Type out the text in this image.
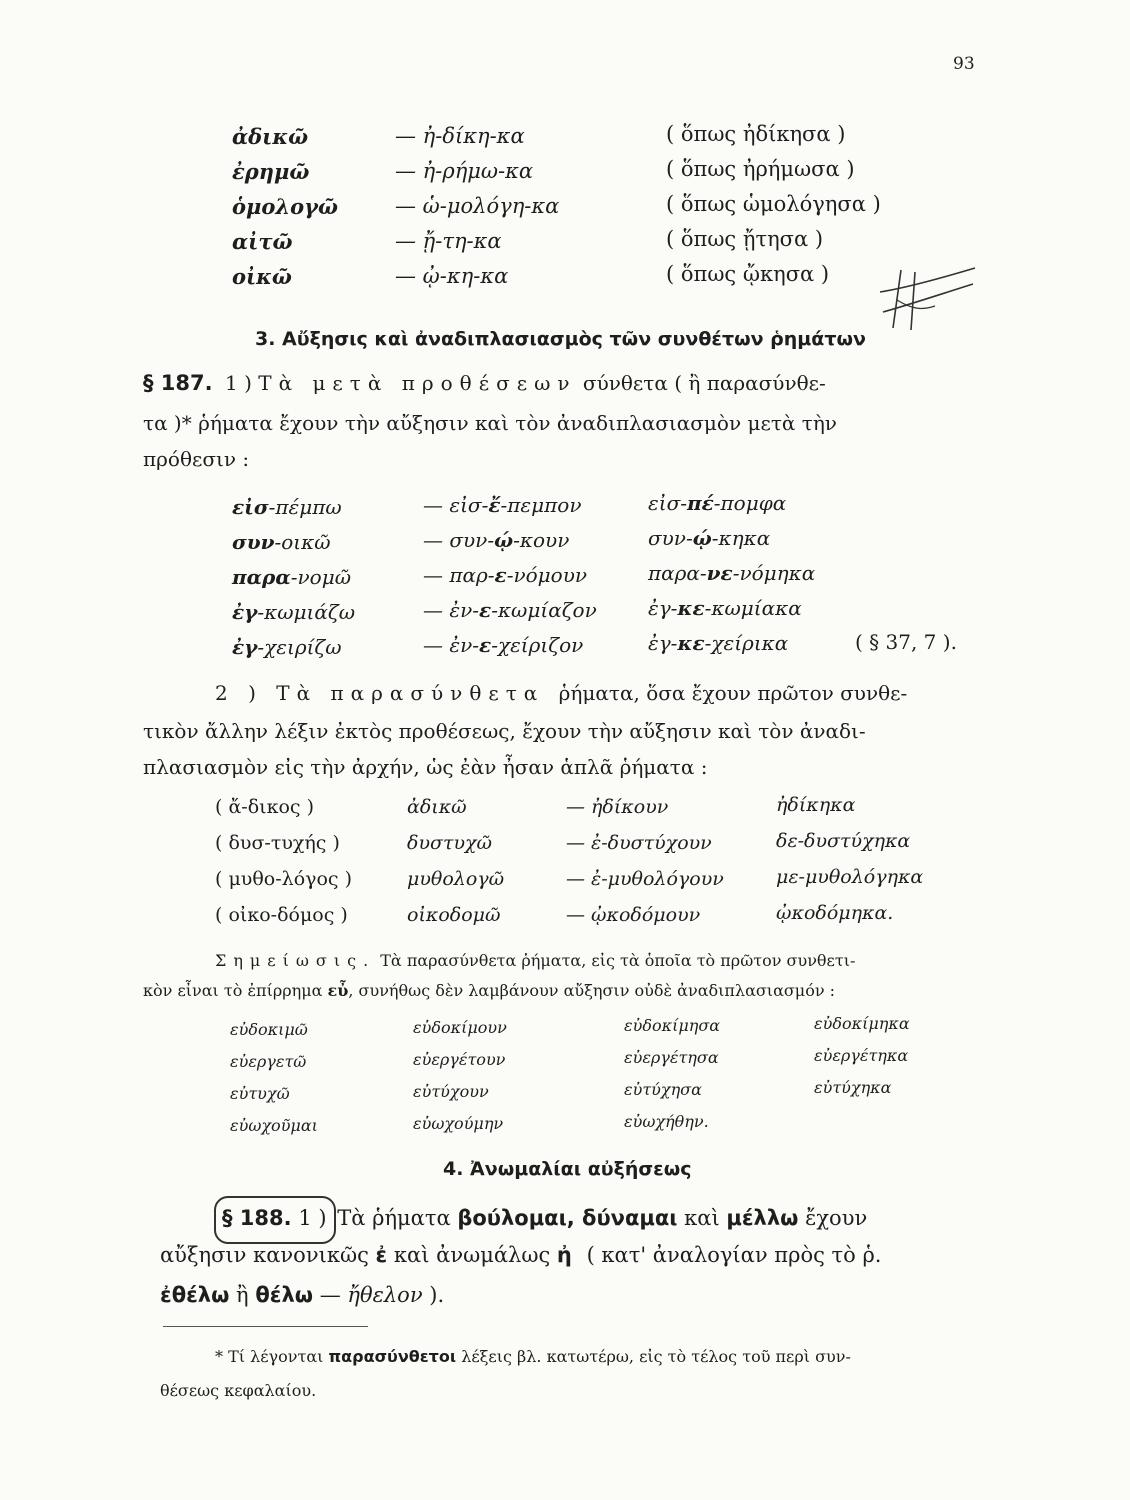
93
ἀδικῶ	— ἠ-δίκη-κα	( ὅπως ἠδίκησα )
ἐρημῶ	— ἠ-ρήμω-κα	( ὅπως ἠρήμωσα )
ὁμολογῶ	— ὡ-μολόγη-κα	( ὅπως ὡμολόγησα )
αἰτῶ	— ᾔ-τη-κα	( ὅπως ᾔτησα )
οἰκῶ	— ᾠ-κη-κα	( ὅπως ᾤκησα )
3. Αὔξησις καὶ ἀναδιπλασιασμὸς τῶν συνθέτων ῥημάτων
§ 187. 1 ) Τὰ μετὰ προθέσεων σύνθετα ( ἢ παρασύνθε-
τα )* ῥήματα ἔχουν τὴν αὔξησιν καὶ τὸν ἀναδιπλασιασμὸν μετὰ τὴν
πρόθεσιν :
εἰσ-πέμπω	— εἰσ-ἔ-πεμπον	εἰσ-πέ-πομφα
συν-οικῶ	— συν-ῴ-κουν	συν-ῴ-κηκα
παρα-νομῶ	— παρ-ε-νόμουν	παρα-νε-νόμηκα
ἐγ-κωμιάζω	— ἐν-ε-κωμίαζον	ἐγ-κε-κωμίακα
ἐγ-χειρίζω	— ἐν-ε-χείριζον	ἐγ-κε-χείρικα	( § 37, 7 ).
2 ) Τὰ παρασύνθετα ῥήματα, ὅσα ἔχουν πρῶτον συνθε-
τικὸν ἄλλην λέξιν ἐκτὸς προθέσεως, ἔχουν τὴν αὔξησιν καὶ τὸν ἀναδι-
πλασιασμὸν εἰς τὴν ἀρχήν, ὡς ἐὰν ἦσαν ἁπλᾶ ῥήματα :
( ἄ-δικος )	ἀδικῶ	— ἠδίκουν	ἠδίκηκα
( δυσ-τυχής )	δυστυχῶ	— ἐ-δυστύχουν	δε-δυστύχηκα
( μυθο-λόγος )	μυθολογῶ	— ἐ-μυθολόγουν	με-μυθολόγηκα
( οἰκο-δόμος )	οἰκοδομῶ	— ᾠκοδόμουν	ᾠκοδόμηκα.
Σημείωσις. Τὰ παρασύνθετα ῥήματα, εἰς τὰ ὁποῖα τὸ πρῶτον συνθετι-
κὸν εἶναι τὸ ἐπίρρημα εὖ, συνήθως δὲν λαμβάνουν αὔξησιν οὐδὲ ἀναδιπλασιασμόν :
εὐδοκιμῶ	εὐδοκίμουν	εὐδοκίμησα	εὐδοκίμηκα
εὐεργετῶ	εὐεργέτουν	εὐεργέτησα	εὐεργέτηκα
εὐτυχῶ	εὐτύχουν	εὐτύχησα	εὐτύχηκα
εὐωχοῦμαι	εὐωχούμην	εὐωχήθην.
4. Ἀνωμαλίαι αὐξήσεως
§ 188. 1 ) Τὰ ῥήματα βούλομαι, δύναμαι καὶ μέλλω ἔχουν
αὔξησιν κανονικῶς ἐ καὶ ἀνωμάλως ἠ ( κατ' ἀναλογίαν πρὸς τὸ ῥ.
ἐθέλω ἢ θέλω — ἤθελον ).
* Τί λέγονται παρασύνθετοι λέξεις βλ. κατωτέρω, εἰς τὸ τέλος τοῦ περὶ συν-
θέσεως κεφαλαίου.
